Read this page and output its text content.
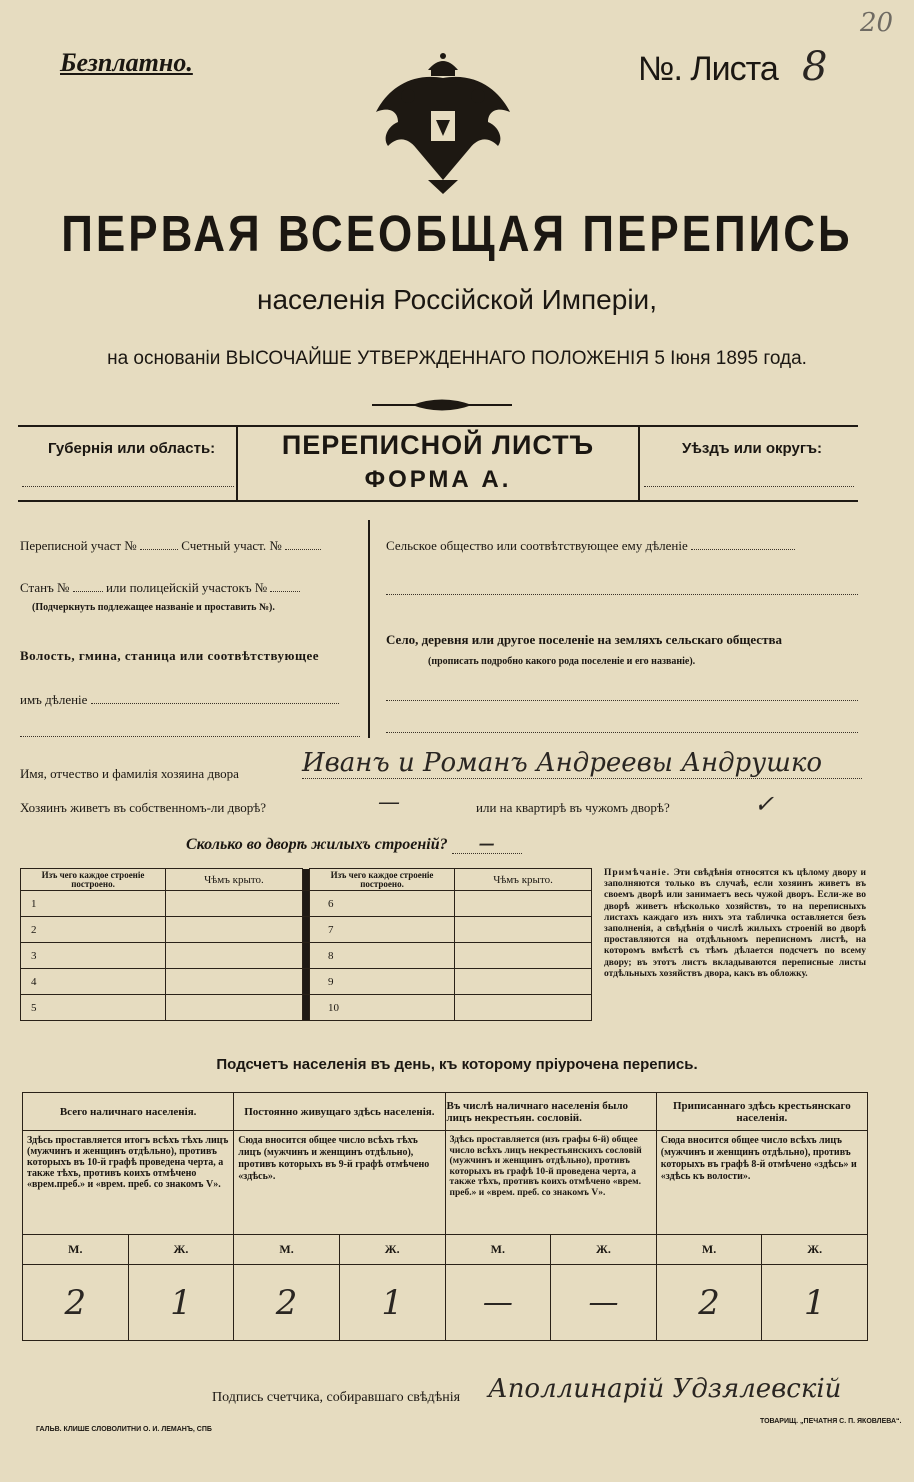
Безплатно.	№. Листа 8
20
ПЕРВАЯ ВСЕОБЩАЯ ПЕРЕПИСЬ
населенія Россійской Имперіи,
на основаніи ВЫСОЧАЙШЕ УТВЕРЖДЕННАГО ПОЛОЖЕНІЯ 5 Іюня 1895 года.
Губернія или область:	ПЕРЕПИСНОЙ ЛИСТЪ
ФОРМА А.
Уѣздъ или округъ:
Переписной участ №	Счетный участ. №
Станъ №	или полицейскій участокъ №
(Подчеркнуть подлежащее названіе и проставить №).
Волость, гмина, станица или соотвѣтствующее
имъ дѣленіе
Сельское общество или соотвѣтствующее ему дѣленіе
Село, деревня или другое поселеніе на земляхъ сельскаго общества
(прописать подробно какого рода поселеніе и его названіе).
Имя, отчество и фамилія хозяина двора Иванъ и Романъ Андреевы Андрушко
Хозяинъ живетъ въ собственномъ-ли дворѣ?	—	или на квартирѣ въ чужомъ дворѣ?	✓
Сколько во дворѣ жилыхъ строеній? —
Изъ чего каждое строеніе построено.	Чѣмъ крыто.		Изъ чего каждое строеніе построено.	Чѣмъ крыто.
1			6	
2			7	
3			8	
4			9	
5			10	
Примѣчаніе. Эти свѣдѣнія относятся къ цѣлому двору и заполняются только въ случаѣ, если хозяинъ живетъ въ своемъ дворѣ или занимаетъ весь чужой дворъ. Если-же во дворѣ живетъ нѣсколько хозяйствъ, то на переписныхъ листахъ каждаго изъ нихъ эта табличка оставляется безъ заполненія, а свѣдѣнія о числѣ жилыхъ строеній во дворѣ проставляются на отдѣльномъ переписномъ листѣ, на которомъ вмѣстѣ съ тѣмъ дѣлается подсчетъ по всему двору; въ этотъ листъ вкладываются переписные листы отдѣльныхъ хозяйствъ двора, какъ въ обложку.
Подсчетъ населенія въ день, къ которому пріурочена перепись.
Всего наличнаго населенія.		Постоянно живущаго здѣсь населенія.		Въ числѣ наличнаго населенія было лицъ некрестьян. сословій.		Приписаннаго здѣсь крестьянскаго населенія.	
Здѣсь проставляется итогъ всѣхъ тѣхъ лицъ (мужчинъ и женщинъ отдѣльно), противъ которыхъ въ 10-й графѣ проведена черта, а также тѣхъ, противъ коихъ отмѣчено «врем.преб.» и «врем. преб. со знакомъ V».		Сюда вносится общее число всѣхъ тѣхъ лицъ (мужчинъ и женщинъ отдѣльно), противъ которыхъ въ 9-й графѣ отмѣчено «здѣсь».		Здѣсь проставляется (изъ графы 6-й) общее число всѣхъ лицъ некрестьянскихъ сословій (мужчинъ и женщинъ отдѣльно), противъ которыхъ въ графѣ 10-й проведена черта, а также тѣхъ, противъ коихъ отмѣчено «врем. преб.» и «врем. преб. со знакомъ V».		Сюда вносится общее число всѣхъ лицъ (мужчинъ и женщинъ отдѣльно), противъ которыхъ въ графѣ 8-й отмѣчено «здѣсь» и «здѣсь къ волости».	
М.	Ж.	М.	Ж.	М.	Ж.	М.	Ж.
2	1	2	1	—	—	2	1
Подпись счетчика, собиравшаго свѣдѣнія Аполлинарій Удзялевскій
ГАЛЬВ. КЛИШЕ СЛОВОЛИТНИ О. И. ЛЕМАНЪ, СПБ
ТОВАРИЩ. „ПЕЧАТНЯ С. П. ЯКОВЛЕВА“.
